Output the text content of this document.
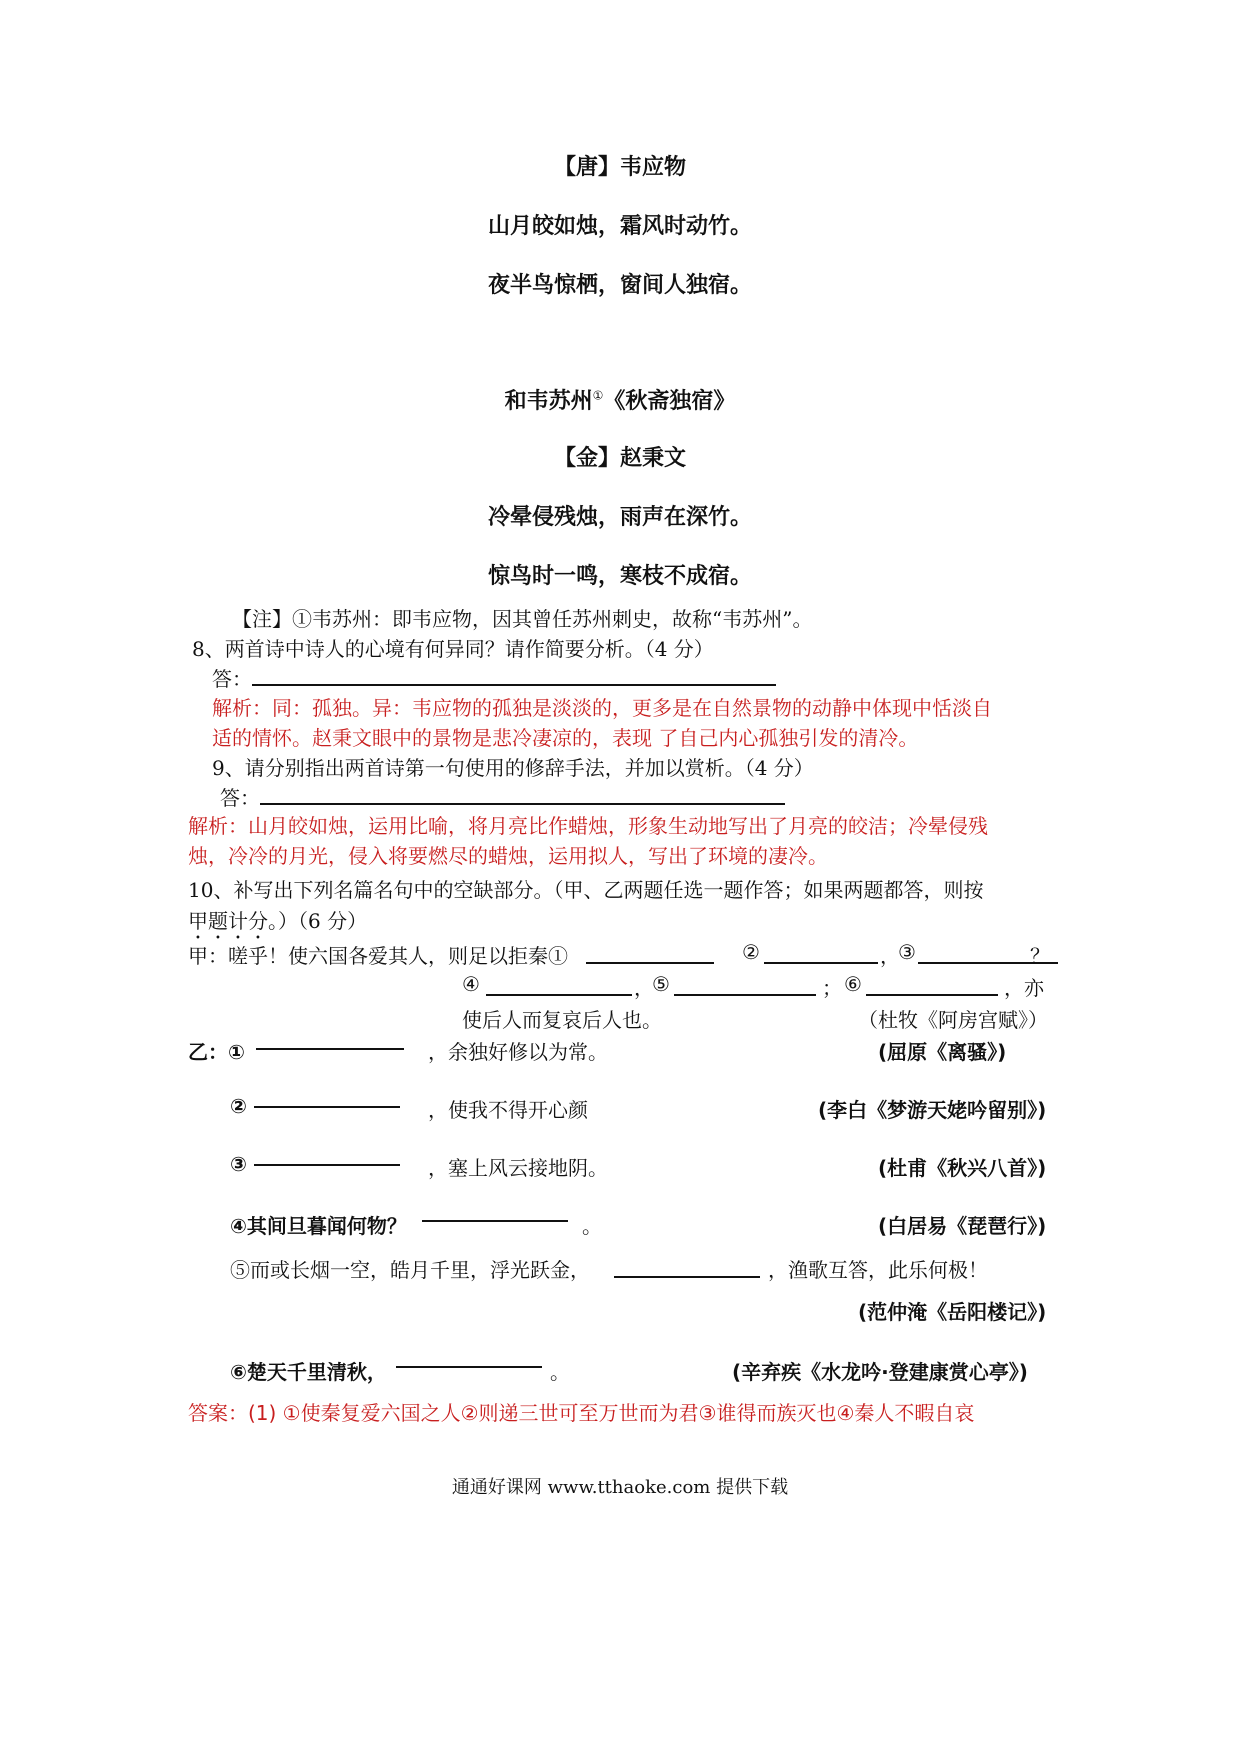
【唐】韦应物
山月皎如烛，霜风时动竹。
夜半鸟惊栖，窗间人独宿。
和韦苏州①《秋斋独宿》
【金】赵秉文
冷晕侵残烛，雨声在深竹。
惊鸟时一鸣，寒枝不成宿。
【注】①韦苏州：即韦应物，因其曾任苏州刺史，故称“韦苏州”。
8、两首诗中诗人的心境有何异同？请作简要分析。（4 分）
答：
解析：同：孤独。异：韦应物的孤独是淡淡的，更多是在自然景物的动静中体现中恬淡自
适的情怀。赵秉文眼中的景物是悲冷凄凉的，表现 了自己内心孤独引发的清冷。
9、请分别指出两首诗第一句使用的修辞手法，并加以赏析。（4 分）
答：
解析：山月皎如烛，运用比喻，将月亮比作蜡烛，形象生动地写出了月亮的皎洁；冷晕侵残
烛，冷冷的月光，侵入将要燃尽的蜡烛，运用拟人，写出了环境的凄冷。
10、补写出下列名篇名句中的空缺部分。（甲、乙两题任选一题作答；如果两题都答，则按
甲题计分。）（6 分）
甲：嗟乎！使六国各爱其人，则足以拒秦①	②	，
③	？
④	，
⑤	； ⑥	，亦
使后人而复哀后人也。	（杜牧《阿房宫赋》）
乙：①	，余独好修以为常。	(屈原《离骚》)
②	，使我不得开心颜	(李白《梦游天姥吟留别》)
③	，塞上风云接地阴。	(杜甫《秋兴八首》)
④其间旦暮闻何物？	。	(白居易《琵琶行》)
⑤而或长烟一空，皓月千里，浮光跃金，	，渔歌互答，此乐何极！
(范仲淹《岳阳楼记》)
⑥楚天千里清秋，	。	(辛弃疾《水龙吟·登建康赏心亭》)
答案：(1) ①使秦复爱六国之人②则递三世可至万世而为君③谁得而族灭也④秦人不暇自哀
通通好课网 www.tthaoke.com 提供下载
